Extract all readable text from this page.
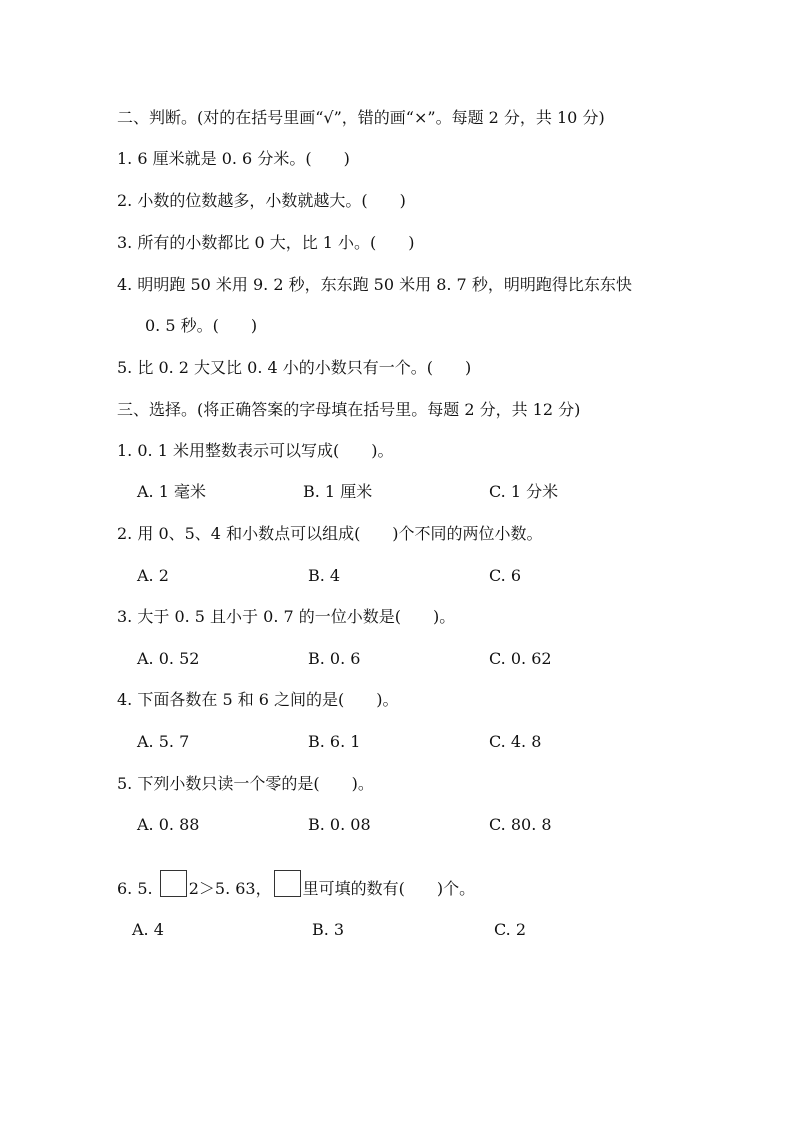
二、判断。(对的在括号里画“√”，错的画“×”。每题 2 分，共 10 分)
1. 6 厘米就是 0. 6 分米。(　　)
2. 小数的位数越多，小数就越大。(　　)
3. 所有的小数都比 0 大，比 1 小。(　　)
4. 明明跑 50 米用 9. 2 秒，东东跑 50 米用 8. 7 秒，明明跑得比东东快
0. 5 秒。(　　)
5. 比 0. 2 大又比 0. 4 小的小数只有一个。(　　)
三、选择。(将正确答案的字母填在括号里。每题 2 分，共 12 分)
1. 0. 1 米用整数表示可以写成(　　)。
A. 1 毫米	B. 1 厘米	C. 1 分米
2. 用 0、5、4 和小数点可以组成(　　)个不同的两位小数。
A. 2	B. 4	C. 6
3. 大于 0. 5 且小于 0. 7 的一位小数是(　　)。
A. 0. 52	B. 0. 6	C. 0. 62
4. 下面各数在 5 和 6 之间的是(　　)。
A. 5. 7	B. 6. 1	C. 4. 8
5. 下列小数只读一个零的是(　　)。
A. 0. 88	B. 0. 08	C. 80. 8
6. 5. 2＞5. 63， 里可填的数有(　　)个。
A. 4	B. 3	C. 2
